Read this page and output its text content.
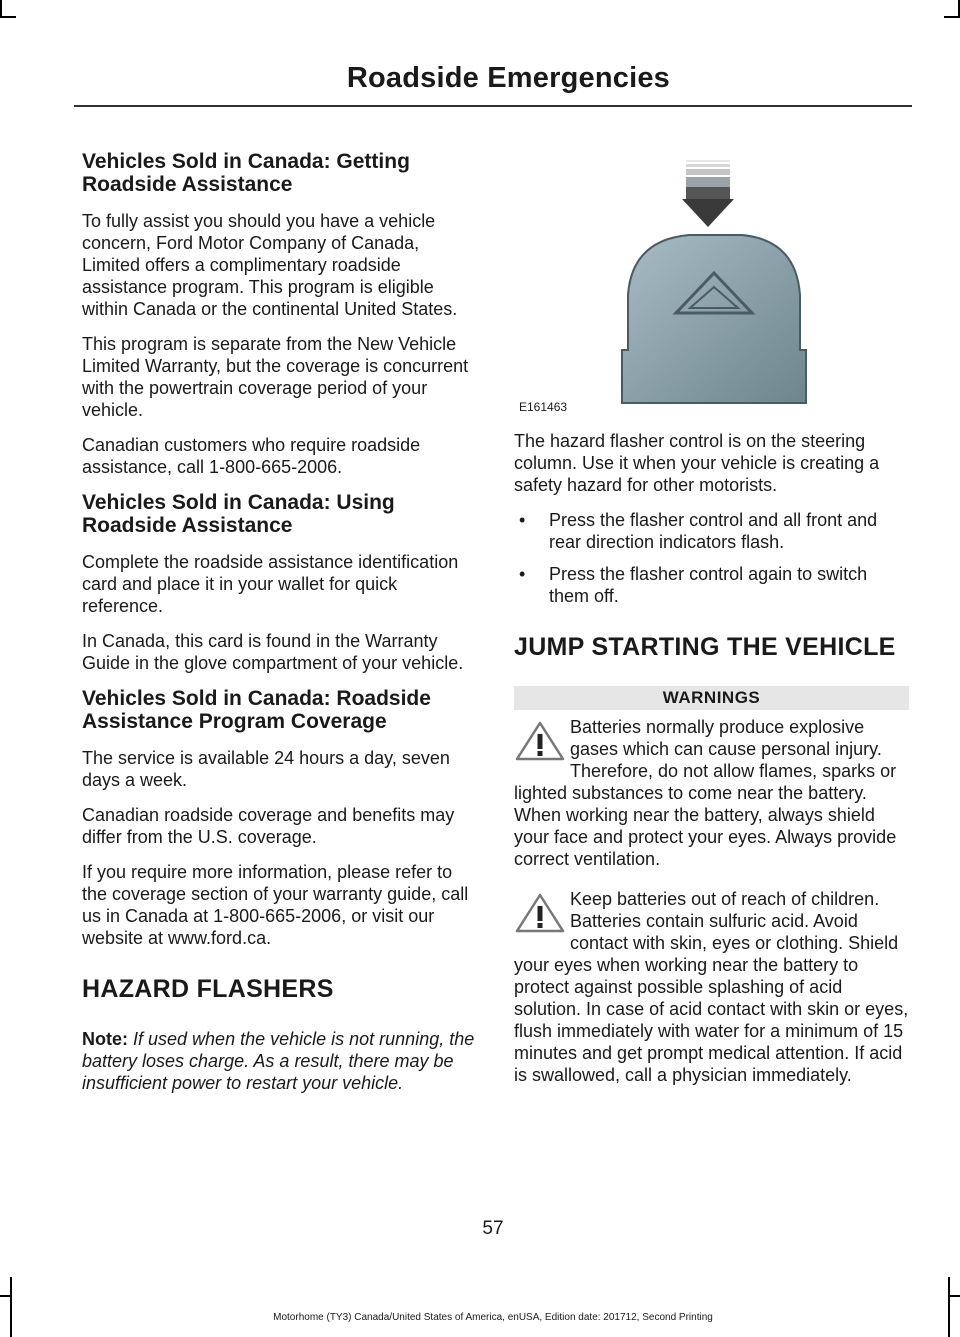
Roadside Emergencies
Vehicles Sold in Canada: Getting Roadside Assistance

To fully assist you should you have a vehicle concern, Ford Motor Company of Canada, Limited offers a complimentary roadside assistance program. This program is eligible within Canada or the continental United States.

This program is separate from the New Vehicle Limited Warranty, but the coverage is concurrent with the powertrain coverage period of your vehicle.

Canadian customers who require roadside assistance, call 1-800-665-2006.

Vehicles Sold in Canada: Using Roadside Assistance

Complete the roadside assistance identification card and place it in your wallet for quick reference.

In Canada, this card is found in the Warranty Guide in the glove compartment of your vehicle.

Vehicles Sold in Canada: Roadside Assistance Program Coverage

The service is available 24 hours a day, seven days a week.

Canadian roadside coverage and benefits may differ from the U.S. coverage.

If you require more information, please refer to the coverage section of your warranty guide, call us in Canada at 1-800-665-2006, or visit our website at www.ford.ca.

HAZARD FLASHERS

Note: If used when the vehicle is not running, the battery loses charge. As a result, there may be insufficient power to restart your vehicle.

E161463

The hazard flasher control is on the steering column. Use it when your vehicle is creating a safety hazard for other motorists.

• Press the flasher control and all front and rear direction indicators flash.
• Press the flasher control again to switch them off.
JUMP STARTING THE VEHICLE
WARNINGS
Batteries normally produce explosive gases which can cause personal injury. Therefore, do not allow flames, sparks or lighted substances to come near the battery. When working near the battery, always shield your face and protect your eyes. Always provide correct ventilation.
Keep batteries out of reach of children. Batteries contain sulfuric acid. Avoid contact with skin, eyes or clothing. Shield your eyes when working near the battery to protect against possible splashing of acid solution. In case of acid contact with skin or eyes, flush immediately with water for a minimum of 15 minutes and get prompt medical attention. If acid is swallowed, call a physician immediately.
57
Motorhome (TY3) Canada/United States of America, enUSA, Edition date: 201712, Second Printing
